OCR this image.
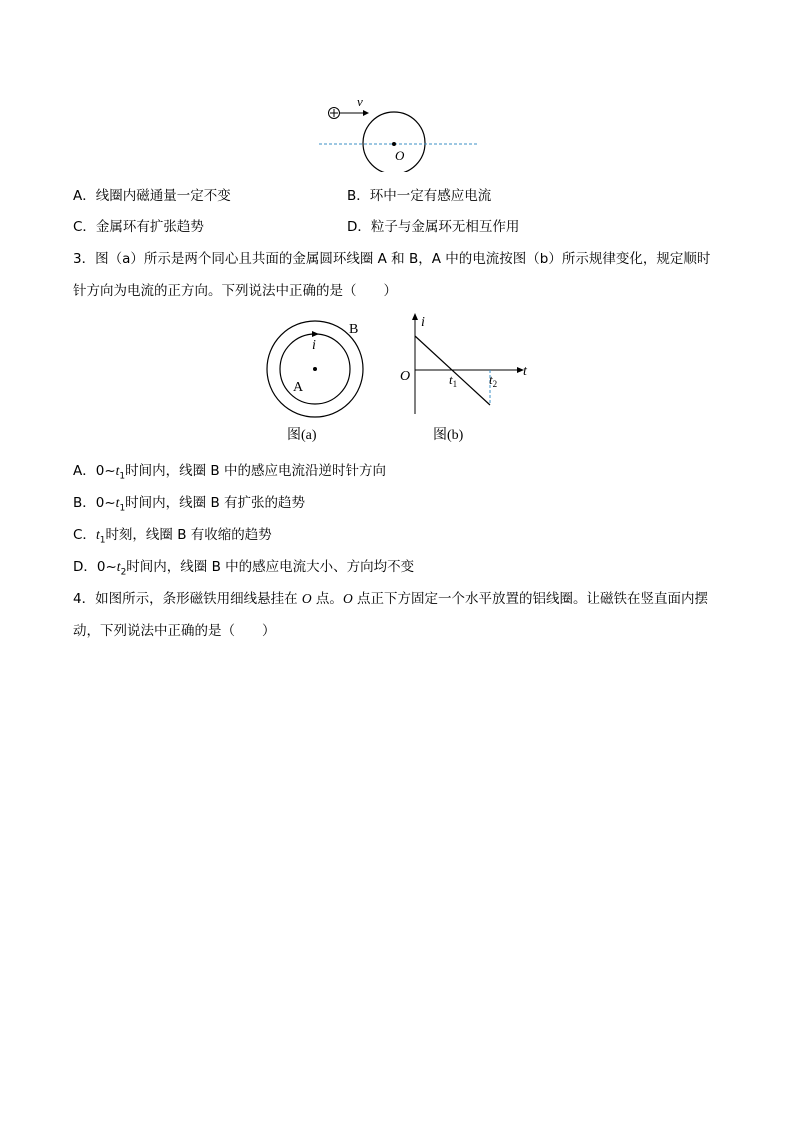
v
O
A．线圈内磁通量一定不变	B．环中一定有感应电流
C．金属环有扩张趋势	D．粒子与金属环无相互作用
3．图（a）所示是两个同心且共面的金属圆环线圈 A 和 B，A 中的电流按图（b）所示规律变化，规定顺时
针方向为电流的正方向。下列说法中正确的是（　　）
B
i
A
图(a)
i
t
O	$t_1$ $t_2$
图(b)
A．$0\sim t_1$时间内，线圈 B 中的感应电流沿逆时针方向
B．$0\sim t_1$时间内，线圈 B 有扩张的趋势
C．$t_1$时刻，线圈 B 有收缩的趋势
D．$0\sim t_2$时间内，线圈 B 中的感应电流大小、方向均不变
4．如图所示，条形磁铁用细线悬挂在 O 点。O 点正下方固定一个水平放置的铝线圈。让磁铁在竖直面内摆
动，下列说法中正确的是（　　）
